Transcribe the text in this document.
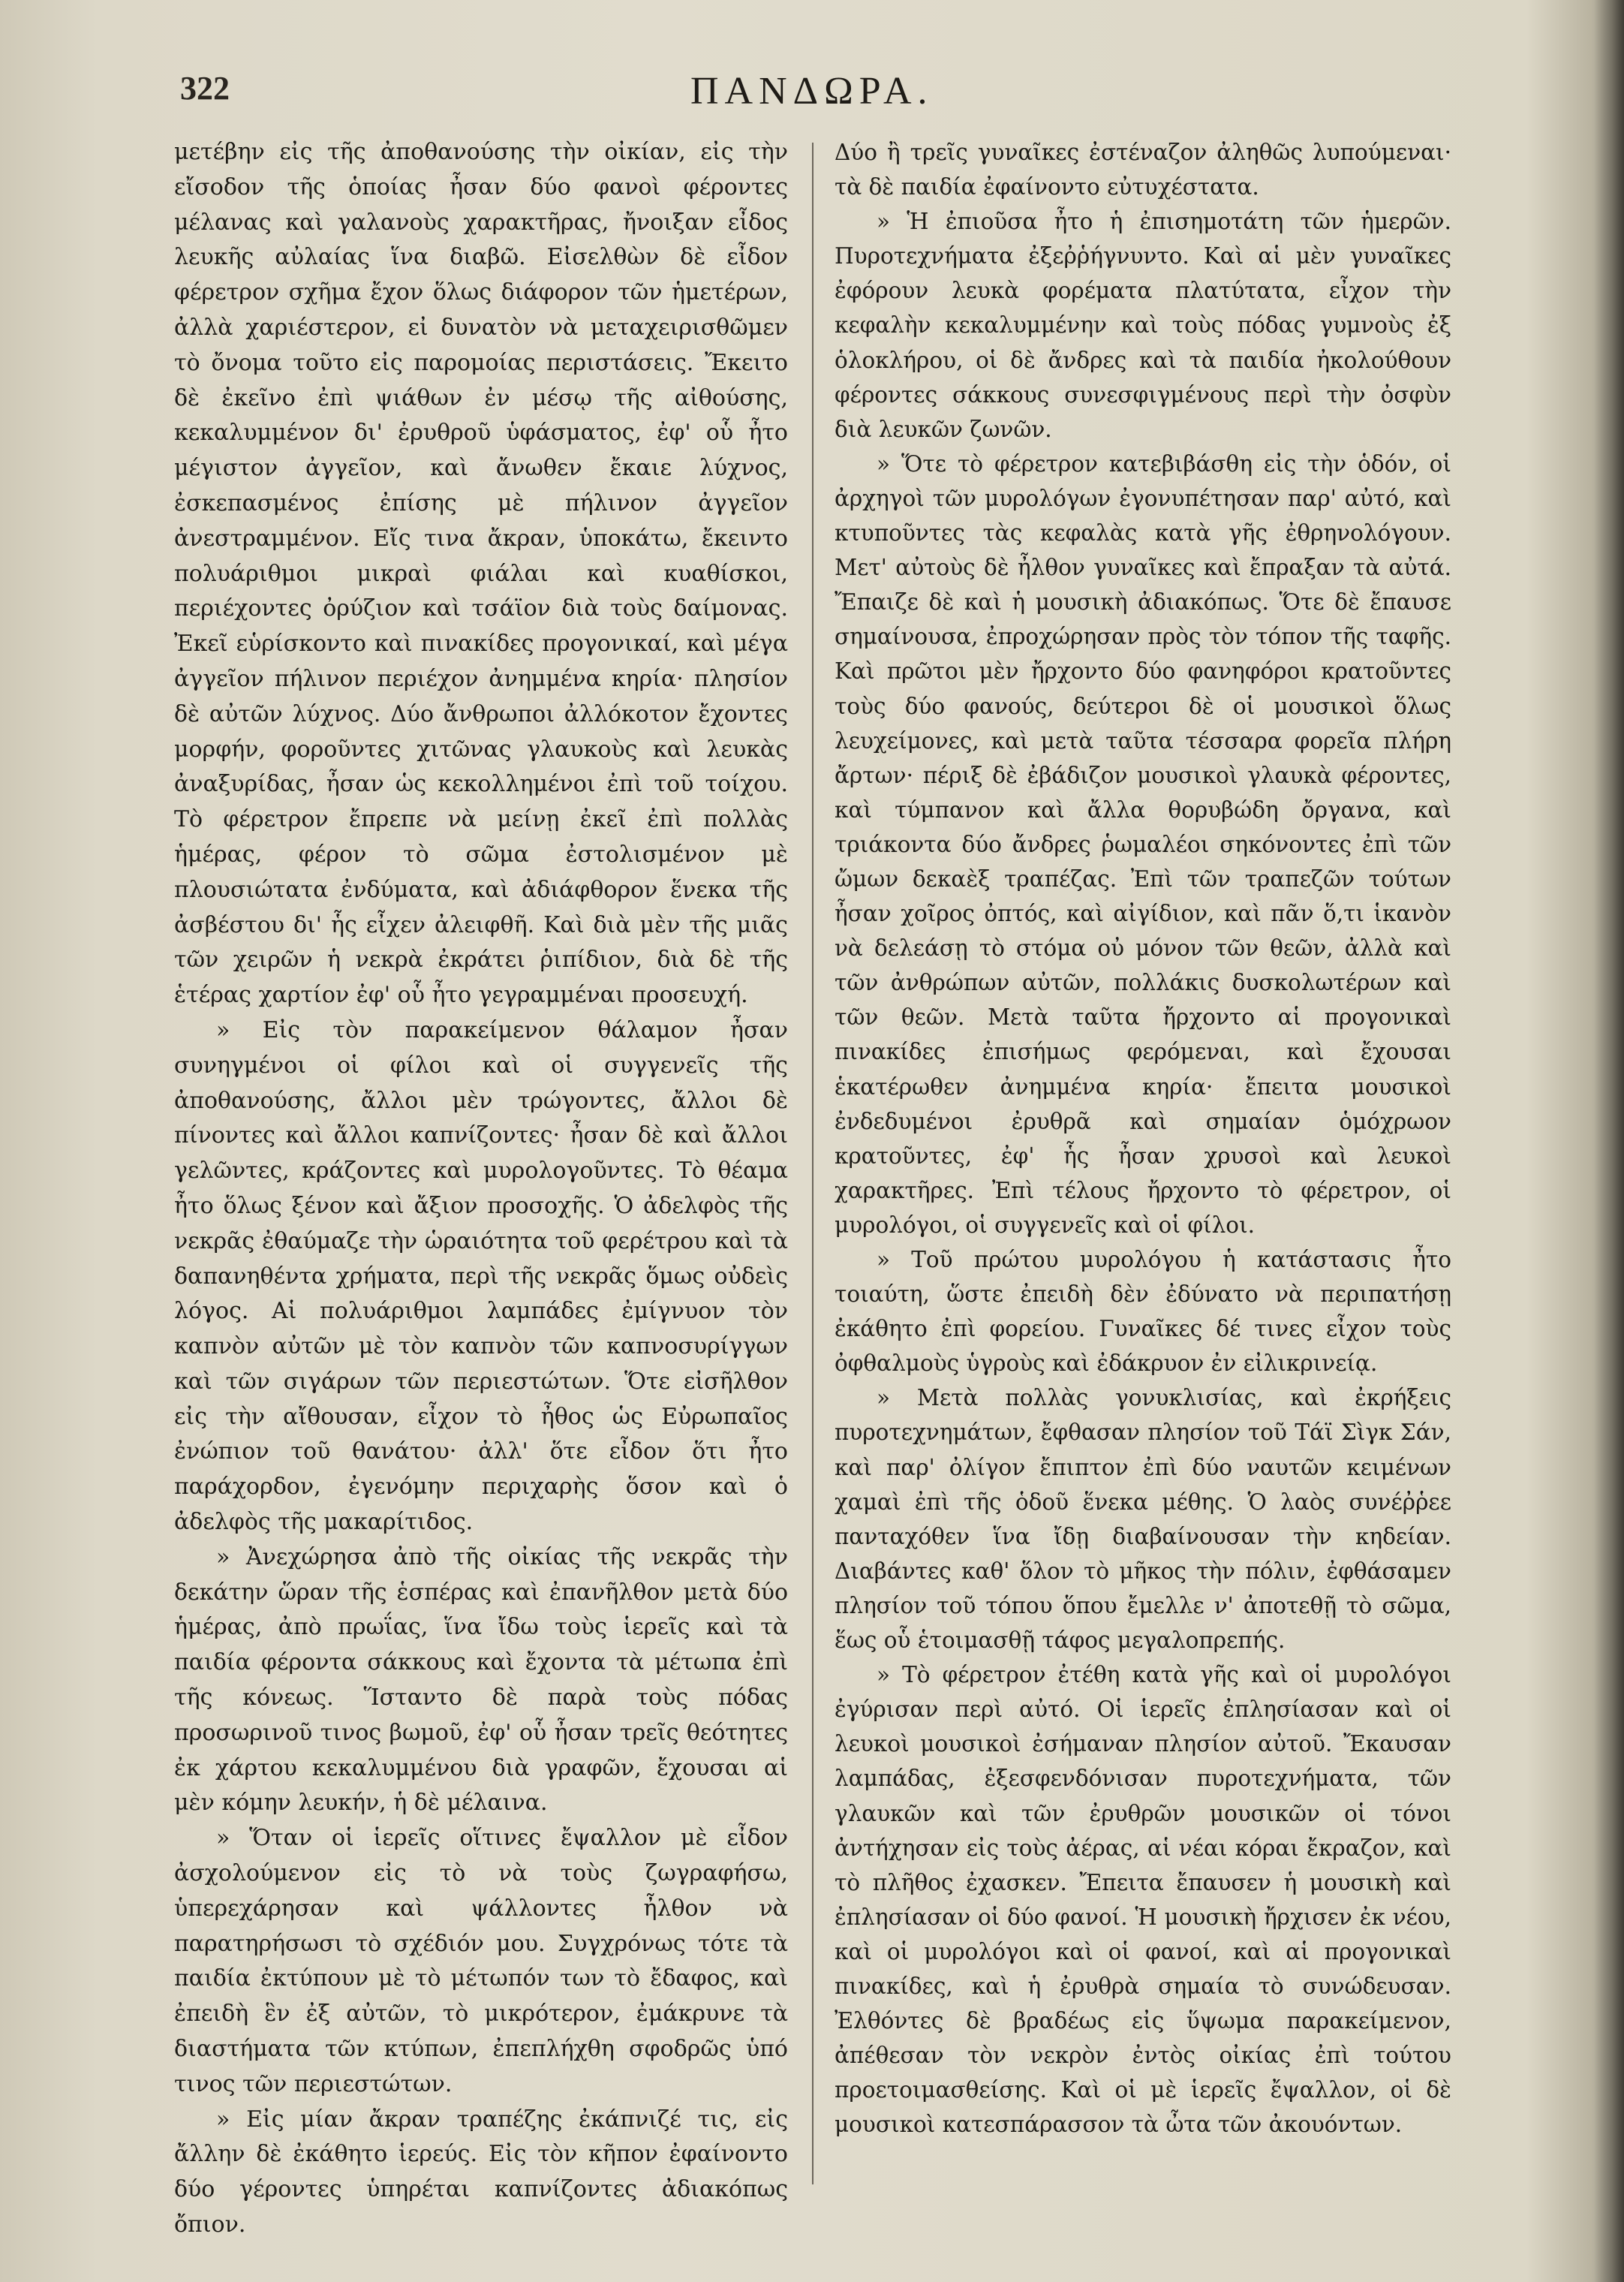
322	ΠΑΝΔΩΡΑ.

μετέβην εἰς τῆς ἀποθανούσης τὴν οἰκίαν, εἰς τὴν εἴσοδον τῆς ὁποίας ἦσαν δύο φανοὶ φέροντες μέλανας καὶ γαλανοὺς χαρακτῆρας, ἤνοιξαν εἶδος λευκῆς αὐλαίας ἵνα διαβῶ. Εἰσελθὼν δὲ εἶδον φέρετρον σχῆμα ἔχον ὅλως διάφορον τῶν ἡμετέρων, ἀλλὰ χαριέστερον, εἰ δυνατὸν νὰ μεταχειρισθῶμεν τὸ ὄνομα τοῦτο εἰς παρομοίας περιστάσεις. Ἔκειτο δὲ ἐκεῖνο ἐπὶ ψιάθων ἐν μέσῳ τῆς αἰθούσης, κεκαλυμμένον δι' ἐρυθροῦ ὑφάσματος, ἐφ' οὗ ἦτο μέγιστον ἀγγεῖον, καὶ ἄνωθεν ἔκαιε λύχνος, ἐσκεπασμένος ἐπίσης μὲ πήλινον ἀγγεῖον ἀνεστραμμένον. Εἴς τινα ἄκραν, ὑποκάτω, ἔκειντο πολυάριθμοι μικραὶ φιάλαι καὶ κυαθίσκοι, περιέχοντες ὀρύζιον καὶ τσάϊον διὰ τοὺς δαίμονας. Ἐκεῖ εὑρίσκοντο καὶ πινακίδες προγονικαί, καὶ μέγα ἀγγεῖον πήλινον περιέχον ἀνημμένα κηρία· πλησίον δὲ αὐτῶν λύχνος. Δύο ἄνθρωποι ἀλλόκοτον ἔχοντες μορφήν, φοροῦντες χιτῶνας γλαυκοὺς καὶ λευκὰς ἀναξυρίδας, ἦσαν ὡς κεκολλημένοι ἐπὶ τοῦ τοίχου. Τὸ φέρετρον ἔπρεπε νὰ μείνῃ ἐκεῖ ἐπὶ πολλὰς ἡμέρας, φέρον τὸ σῶμα ἐστολισμένον μὲ πλουσιώτατα ἐνδύματα, καὶ ἀδιάφθορον ἕνεκα τῆς ἀσβέστου δι' ἧς εἶχεν ἀλειφθῆ. Καὶ διὰ μὲν τῆς μιᾶς τῶν χειρῶν ἡ νεκρὰ ἐκράτει ῥιπίδιον, διὰ δὲ τῆς ἑτέρας χαρτίον ἐφ' οὗ ἦτο γεγραμμέναι προσευχή.

» Εἰς τὸν παρακείμενον θάλαμον ἦσαν συνηγμένοι οἱ φίλοι καὶ οἱ συγγενεῖς τῆς ἀποθανούσης, ἄλλοι μὲν τρώγοντες, ἄλλοι δὲ πίνοντες καὶ ἄλλοι καπνίζοντες· ἦσαν δὲ καὶ ἄλλοι γελῶντες, κράζοντες καὶ μυρολογοῦντες. Τὸ θέαμα ἦτο ὅλως ξένον καὶ ἄξιον προσοχῆς. Ὁ ἀδελφὸς τῆς νεκρᾶς ἐθαύμαζε τὴν ὡραιότητα τοῦ φερέτρου καὶ τὰ δαπανηθέντα χρήματα, περὶ τῆς νεκρᾶς ὅμως οὐδεὶς λόγος. Αἱ πολυάριθμοι λαμπάδες ἐμίγνυον τὸν καπνὸν αὐτῶν μὲ τὸν καπνὸν τῶν καπνοσυρίγγων καὶ τῶν σιγάρων τῶν περιεστώτων. Ὅτε εἰσῆλθον εἰς τὴν αἴθουσαν, εἶχον τὸ ἦθος ὡς Εὐρωπαῖος ἐνώπιον τοῦ θανάτου· ἀλλ' ὅτε εἶδον ὅτι ἦτο παράχορδον, ἐγενόμην περιχαρὴς ὅσον καὶ ὁ ἀδελφὸς τῆς μακαρίτιδος.

» Ἀνεχώρησα ἀπὸ τῆς οἰκίας τῆς νεκρᾶς τὴν δεκάτην ὥραν τῆς ἑσπέρας καὶ ἐπανῆλθον μετὰ δύο ἡμέρας, ἀπὸ πρωΐας, ἵνα ἴδω τοὺς ἱερεῖς καὶ τὰ παιδία φέροντα σάκκους καὶ ἔχοντα τὰ μέτωπα ἐπὶ τῆς κόνεως. Ἵσταντο δὲ παρὰ τοὺς πόδας προσωρινοῦ τινος βωμοῦ, ἐφ' οὗ ἦσαν τρεῖς θεότητες ἐκ χάρτου κεκαλυμμένου διὰ γραφῶν, ἔχουσαι αἱ μὲν κόμην λευκήν, ἡ δὲ μέλαινα.

» Ὅταν οἱ ἱερεῖς οἵτινες ἔψαλλον μὲ εἶδον ἀσχολούμενον εἰς τὸ νὰ τοὺς ζωγραφήσω, ὑπερεχάρησαν καὶ ψάλλοντες ἦλθον νὰ παρατηρήσωσι τὸ σχέδιόν μου. Συγχρόνως τότε τὰ παιδία ἐκτύπουν μὲ τὸ μέτωπόν των τὸ ἔδαφος, καὶ ἐπειδὴ ἓν ἐξ αὐτῶν, τὸ μικρότερον, ἐμάκρυνε τὰ διαστήματα τῶν κτύπων, ἐπεπλήχθη σφοδρῶς ὑπό τινος τῶν περιεστώτων.

» Εἰς μίαν ἄκραν τραπέζης ἐκάπνιζέ τις, εἰς ἄλλην δὲ ἐκάθητο ἱερεύς. Εἰς τὸν κῆπον ἐφαίνοντο δύο γέροντες ὑπηρέται καπνίζοντες ἀδιακόπως ὄπιον.

Δύο ἢ τρεῖς γυναῖκες ἐστέναζον ἀληθῶς λυπούμεναι· τὰ δὲ παιδία ἐφαίνοντο εὐτυχέστατα.

» Ἡ ἐπιοῦσα ἦτο ἡ ἐπισημοτάτη τῶν ἡμερῶν. Πυροτεχνήματα ἐξεῤῥήγνυντο. Καὶ αἱ μὲν γυναῖκες ἐφόρουν λευκὰ φορέματα πλατύτατα, εἶχον τὴν κεφαλὴν κεκαλυμμένην καὶ τοὺς πόδας γυμνοὺς ἐξ ὁλοκλήρου, οἱ δὲ ἄνδρες καὶ τὰ παιδία ἠκολούθουν φέροντες σάκκους συνεσφιγμένους περὶ τὴν ὀσφὺν διὰ λευκῶν ζωνῶν.

» Ὅτε τὸ φέρετρον κατεβιβάσθη εἰς τὴν ὁδόν, οἱ ἀρχηγοὶ τῶν μυρολόγων ἐγονυπέτησαν παρ' αὐτό, καὶ κτυποῦντες τὰς κεφαλὰς κατὰ γῆς ἐθρηνολόγουν. Μετ' αὐτοὺς δὲ ἦλθον γυναῖκες καὶ ἔπραξαν τὰ αὐτά. Ἔπαιζε δὲ καὶ ἡ μουσικὴ ἀδιακόπως. Ὅτε δὲ ἔπαυσε σημαίνουσα, ἐπροχώρησαν πρὸς τὸν τόπον τῆς ταφῆς. Καὶ πρῶτοι μὲν ἤρχοντο δύο φανηφόροι κρατοῦντες τοὺς δύο φανούς, δεύτεροι δὲ οἱ μουσικοὶ ὅλως λευχείμονες, καὶ μετὰ ταῦτα τέσσαρα φορεῖα πλήρη ἄρτων· πέριξ δὲ ἐβάδιζον μουσικοὶ γλαυκὰ φέροντες, καὶ τύμπανον καὶ ἄλλα θορυβώδη ὄργανα, καὶ τριάκοντα δύο ἄνδρες ῥωμαλέοι σηκόνοντες ἐπὶ τῶν ὤμων δεκαὲξ τραπέζας. Ἐπὶ τῶν τραπεζῶν τούτων ἦσαν χοῖρος ὀπτός, καὶ αἰγίδιον, καὶ πᾶν ὅ,τι ἱκανὸν νὰ δελεάσῃ τὸ στόμα οὐ μόνον τῶν θεῶν, ἀλλὰ καὶ τῶν ἀνθρώπων αὐτῶν, πολλάκις δυσκολωτέρων καὶ τῶν θεῶν. Μετὰ ταῦτα ἤρχοντο αἱ προγονικαὶ πινακίδες ἐπισήμως φερόμεναι, καὶ ἔχουσαι ἑκατέρωθεν ἀνημμένα κηρία· ἔπειτα μουσικοὶ ἐνδεδυμένοι ἐρυθρᾶ καὶ σημαίαν ὁμόχρωον κρατοῦντες, ἐφ' ἧς ἦσαν χρυσοὶ καὶ λευκοὶ χαρακτῆρες. Ἐπὶ τέλους ἤρχοντο τὸ φέρετρον, οἱ μυρολόγοι, οἱ συγγενεῖς καὶ οἱ φίλοι.

» Τοῦ πρώτου μυρολόγου ἡ κατάστασις ἦτο τοιαύτη, ὥστε ἐπειδὴ δὲν ἐδύνατο νὰ περιπατήσῃ ἐκάθητο ἐπὶ φορείου. Γυναῖκες δέ τινες εἶχον τοὺς ὀφθαλμοὺς ὑγροὺς καὶ ἐδάκρυον ἐν εἰλικρινείᾳ.

» Μετὰ πολλὰς γονυκλισίας, καὶ ἐκρήξεις πυροτεχνημάτων, ἔφθασαν πλησίον τοῦ Τάϊ Σὶγκ Σάν, καὶ παρ' ὀλίγον ἔπιπτον ἐπὶ δύο ναυτῶν κειμένων χαμαὶ ἐπὶ τῆς ὁδοῦ ἕνεκα μέθης. Ὁ λαὸς συνέῤῥεε πανταχόθεν ἵνα ἴδῃ διαβαίνουσαν τὴν κηδείαν. Διαβάντες καθ' ὅλον τὸ μῆκος τὴν πόλιν, ἐφθάσαμεν πλησίον τοῦ τόπου ὅπου ἔμελλε ν' ἀποτεθῇ τὸ σῶμα, ἕως οὗ ἑτοιμασθῇ τάφος μεγαλοπρεπής.

» Τὸ φέρετρον ἐτέθη κατὰ γῆς καὶ οἱ μυρολόγοι ἐγύρισαν περὶ αὐτό. Οἱ ἱερεῖς ἐπλησίασαν καὶ οἱ λευκοὶ μουσικοὶ ἐσήμαναν πλησίον αὐτοῦ. Ἔκαυσαν λαμπάδας, ἐξεσφενδόνισαν πυροτεχνήματα, τῶν γλαυκῶν καὶ τῶν ἐρυθρῶν μουσικῶν οἱ τόνοι ἀντήχησαν εἰς τοὺς ἀέρας, αἱ νέαι κόραι ἔκραζον, καὶ τὸ πλῆθος ἐχασκεν. Ἔπειτα ἔπαυσεν ἡ μουσικὴ καὶ ἐπλησίασαν οἱ δύο φανοί. Ἡ μουσικὴ ἤρχισεν ἐκ νέου, καὶ οἱ μυρολόγοι καὶ οἱ φανοί, καὶ αἱ προγονικαὶ πινακίδες, καὶ ἡ ἐρυθρὰ σημαία τὸ συνώδευσαν. Ἐλθόντες δὲ βραδέως εἰς ὕψωμα παρακείμενον, ἀπέθεσαν τὸν νεκρὸν ἐντὸς οἰκίας ἐπὶ τούτου προετοιμασθείσης. Καὶ οἱ μὲ ἱερεῖς ἔψαλλον, οἱ δὲ μουσικοὶ κατεσπάρασσον τὰ ὦτα τῶν ἀκουόντων.
